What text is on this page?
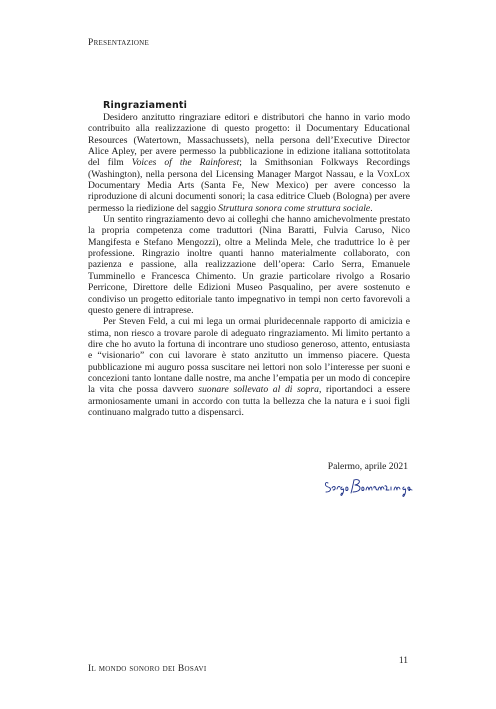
Presentazione
Ringraziamenti

Desidero anzitutto ringraziare editori e distributori che hanno in vario modo contribuito alla realizzazione di questo progetto: il Documentary Educational Resources (Watertown, Massachussets), nella persona dell’Executive Director Alice Apley, per avere permesso la pubblicazione in edizione italiana sottotitolata del film Voices of the Rainforest; la Smithsonian Folkways Recordings (Washington), nella persona del Licensing Manager Margot Nassau, e la VoxLox Documentary Media Arts (Santa Fe, New Mexico) per avere concesso la riproduzione di alcuni documenti sonori; la casa editrice Clueb (Bologna) per avere permesso la riedizione del saggio Struttura sonora come struttura sociale.

Un sentito ringraziamento devo ai colleghi che hanno amichevolmente prestato la propria competenza come traduttori (Nina Baratti, Fulvia Caruso, Nico Mangifesta e Stefano Mengozzi), oltre a Melinda Mele, che traduttrice lo è per professione. Ringrazio inoltre quanti hanno materialmente collaborato, con pazienza e passione, alla realizzazione dell’opera: Carlo Serra, Emanuele Tumminello e Francesca Chimento. Un grazie particolare rivolgo a Rosario Perricone, Direttore delle Edizioni Museo Pasqualino, per avere sostenuto e condiviso un progetto editoriale tanto impegnativo in tempi non certo favorevoli a questo genere di intraprese.

Per Steven Feld, a cui mi lega un ormai pluridecennale rapporto di amicizia e stima, non riesco a trovare parole di adeguato ringraziamento. Mi limito pertanto a dire che ho avuto la fortuna di incontrare uno studioso generoso, attento, entusiasta e “visionario” con cui lavorare è stato anzitutto un immenso piacere. Questa pubblicazione mi auguro possa suscitare nei lettori non solo l’interesse per suoni e concezioni tanto lontane dalle nostre, ma anche l’empatia per un modo di concepire la vita che possa davvero suonare sollevato al di sopra, riportandoci a essere armoniosamente umani in accordo con tutta la bellezza che la natura e i suoi figli continuano malgrado tutto a dispensarci.

Palermo, aprile 2021
Il mondo sonoro dei Bosavi
11
